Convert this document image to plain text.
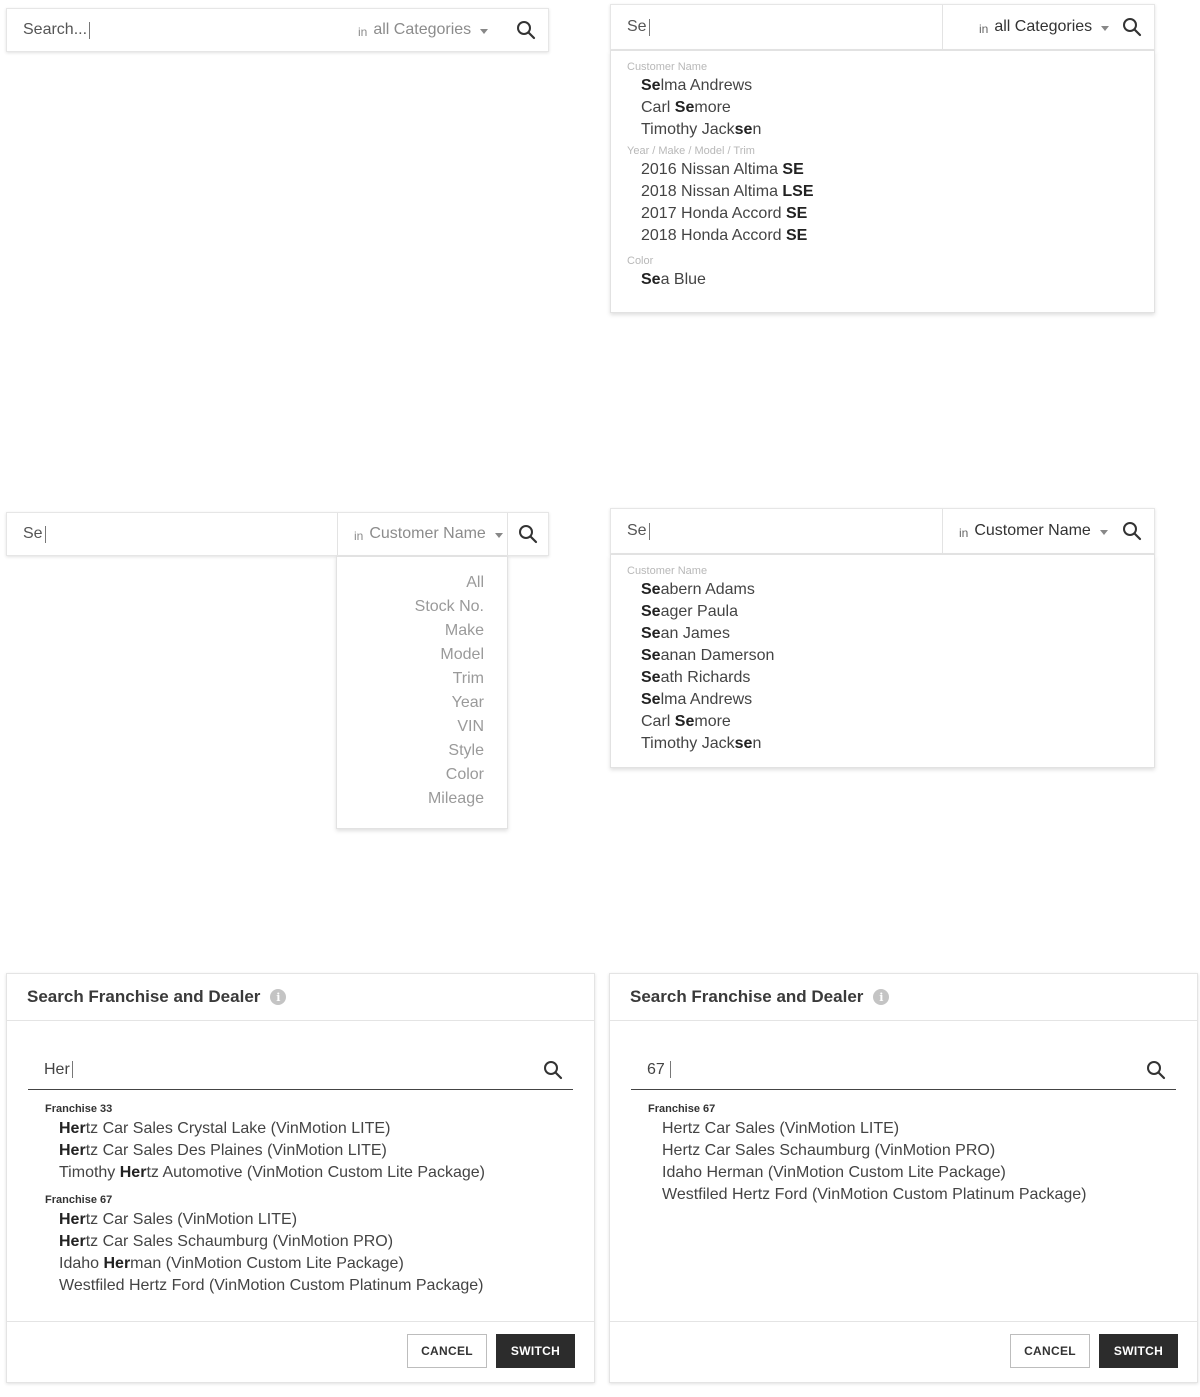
Search...	in all Categories	Se	in all Categories
Customer Name
Selma Andrews
Carl Semore
Timothy Jacksen
Year / Make / Model / Trim
2016 Nissan Altima SE
2018 Nissan Altima LSE
2017 Honda Accord SE
2018 Honda Accord SE
Color
Sea Blue
Se	in Customer Name
All
Stock No.
Make
Model
Trim
Year
VIN
Style
Color
Mileage
Se	in Customer Name
Customer Name
Seabern Adams
Seager Paula
Sean James
Seanan Damerson
Seath Richards
Selma Andrews
Carl Semore
Timothy Jacksen
Search Franchise and Dealer	i
Her
Franchise 33
Hertz Car Sales Crystal Lake (VinMotion LITE)
Hertz Car Sales Des Plaines (VinMotion LITE)
Timothy Hertz Automotive (VinMotion Custom Lite Package)
Franchise 67
Hertz Car Sales (VinMotion LITE)
Hertz Car Sales Schaumburg (VinMotion PRO)
Idaho Herman (VinMotion Custom Lite Package)
Westfiled Hertz Ford (VinMotion Custom Platinum Package)
CANCEL	SWITCH
Search Franchise and Dealer	i
67
Franchise 67
Hertz Car Sales (VinMotion LITE)
Hertz Car Sales Schaumburg (VinMotion PRO)
Idaho Herman (VinMotion Custom Lite Package)
Westfiled Hertz Ford (VinMotion Custom Platinum Package)
CANCEL	SWITCH
